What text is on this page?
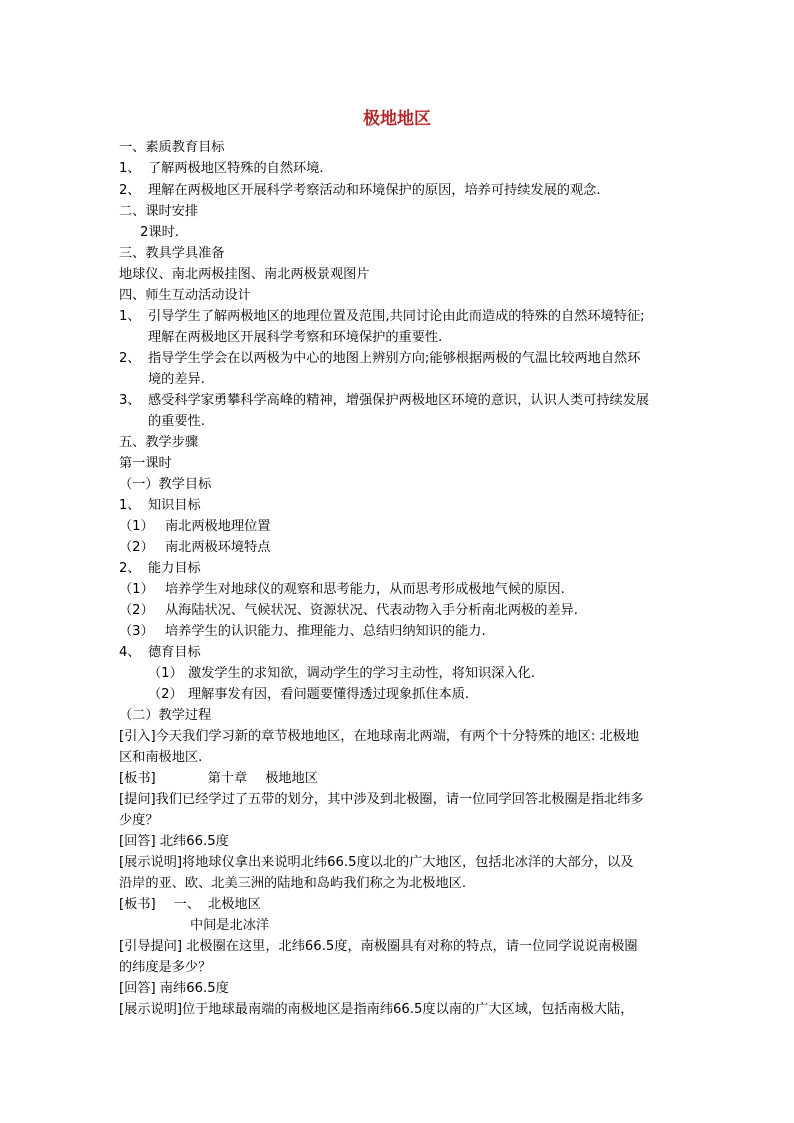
极地地区
一、素质教育目标
1、 了解两极地区特殊的自然环境.
2、 理解在两极地区开展科学考察活动和环境保护的原因，培养可持续发展的观念.
二、课时安排
2课时.
三、教具学具准备
地球仪、南北两极挂图、南北两极景观图片
四、师生互动活动设计
1、 引导学生了解两极地区的地理位置及范围,共同讨论由此而造成的特殊的自然环境特征;
理解在两极地区开展科学考察和环境保护的重要性.
2、 指导学生学会在以两极为中心的地图上辨别方向;能够根据两极的气温比较两地自然环
境的差异.
3、 感受科学家勇攀科学高峰的精神，增强保护两极地区环境的意识，认识人类可持续发展
的重要性.
五、教学步骤
第一课时
（一）教学目标
1、 知识目标
（1） 南北两极地理位置
（2） 南北两极环境特点
2、 能力目标
（1） 培养学生对地球仪的观察和思考能力，从而思考形成极地气候的原因.
（2） 从海陆状况、气候状况、资源状况、代表动物入手分析南北两极的差异.
（3） 培养学生的认识能力、推理能力、总结归纳知识的能力.
4、 德育目标
（1） 激发学生的求知欲，调动学生的学习主动性，将知识深入化.
（2） 理解事发有因，看问题要懂得透过现象抓住本质.
（二）教学过程
[引入]今天我们学习新的章节极地地区，在地球南北两端，有两个十分特殊的地区: 北极地
区和南极地区.
[板书]	第十章 极地地区
[提问]我们已经学过了五带的划分，其中涉及到北极圈，请一位同学回答北极圈是指北纬多
少度？
[回答] 北纬66.5度
[展示说明]将地球仪拿出来说明北纬66.5度以北的广大地区，包括北冰洋的大部分，以及
沿岸的亚、欧、北美三洲的陆地和岛屿我们称之为北极地区.
[板书] 一、 北极地区
中间是北冰洋
[引导提问] 北极圈在这里，北纬66.5度，南极圈具有对称的特点，请一位同学说说南极圈
的纬度是多少？
[回答] 南纬66.5度
[展示说明]位于地球最南端的南极地区是指南纬66.5度以南的广大区域，包括南极大陆，
